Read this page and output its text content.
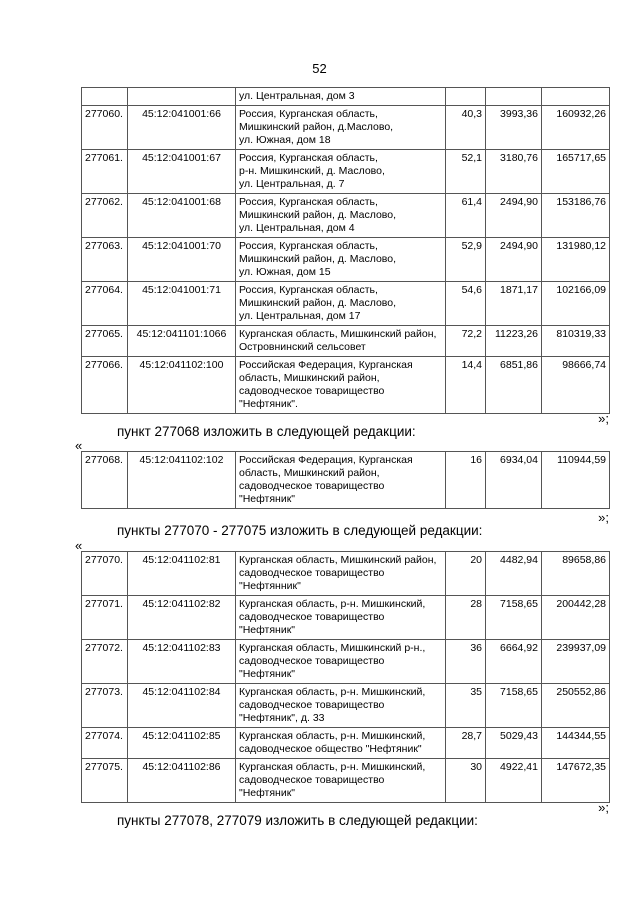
52

		ул. Центральная, дом 3			

277060.	45:12:041001:66	Россия, Курганская область,
Мишкинский район, д.Маслово,
ул. Южная, дом 18	40,3	3993,36	160932,26
277061.	45:12:041001:67	Россия, Курганская область,
р-н. Мишкинский, д. Маслово,
ул. Центральная, д. 7	52,1	3180,76	165717,65
277062.	45:12:041001:68	Россия, Курганская область,
Мишкинский район, д. Маслово,
ул. Центральная, дом 4	61,4	2494,90	153186,76
277063.	45:12:041001:70	Россия, Курганская область,
Мишкинский район, д. Маслово,
ул. Южная, дом 15	52,9	2494,90	131980,12
277064.	45:12:041001:71	Россия, Курганская область,
Мишкинский район, д. Маслово,
ул. Центральная, дом 17	54,6	1871,17	102166,09
277065.	45:12:041101:1066	Курганская область, Мишкинский район,
Островнинский сельсовет	72,2	11223,26	810319,33
277066.	45:12:041102:100	Российская Федерация, Курганская
область, Мишкинский район,
садоводческое товарищество
"Нефтяник".	14,4	6851,86	98666,74
»;
пункт 277068 изложить в следующей редакции:
«
277068.	45:12:041102:102	Российская Федерация, Курганская
область, Мишкинский район,
садоводческое товарищество
"Нефтяник"
	16	6934,04	110944,59
»;
пункты 277070 - 277075 изложить в следующей редакции:
«
277070.	45:12:041102:81	Курганская область, Мишкинский район,
садоводческое товарищество
"Нефтянник"	20	4482,94	89658,86
277071.	45:12:041102:82	Курганская область, р-н. Мишкинский,
садоводческое товарищество
"Нефтяник"	28	7158,65	200442,28
277072.	45:12:041102:83	Курганская область, Мишкинский р-н.,
садоводческое товарищество
"Нефтяник"	36	6664,92	239937,09
277073.	45:12:041102:84	Курганская область, р-н. Мишкинский,
садоводческое товарищество
"Нефтяник", д. 33	35	7158,65	250552,86
277074.	45:12:041102:85	Курганская область, р-н. Мишкинский,
садоводческое общество "Нефтяник"	28,7	5029,43	144344,55
277075.	45:12:041102:86	Курганская область, р-н. Мишкинский,
садоводческое товарищество
"Нефтяник"	30	4922,41	147672,35
»;
пункты 277078, 277079 изложить в следующей редакции:
